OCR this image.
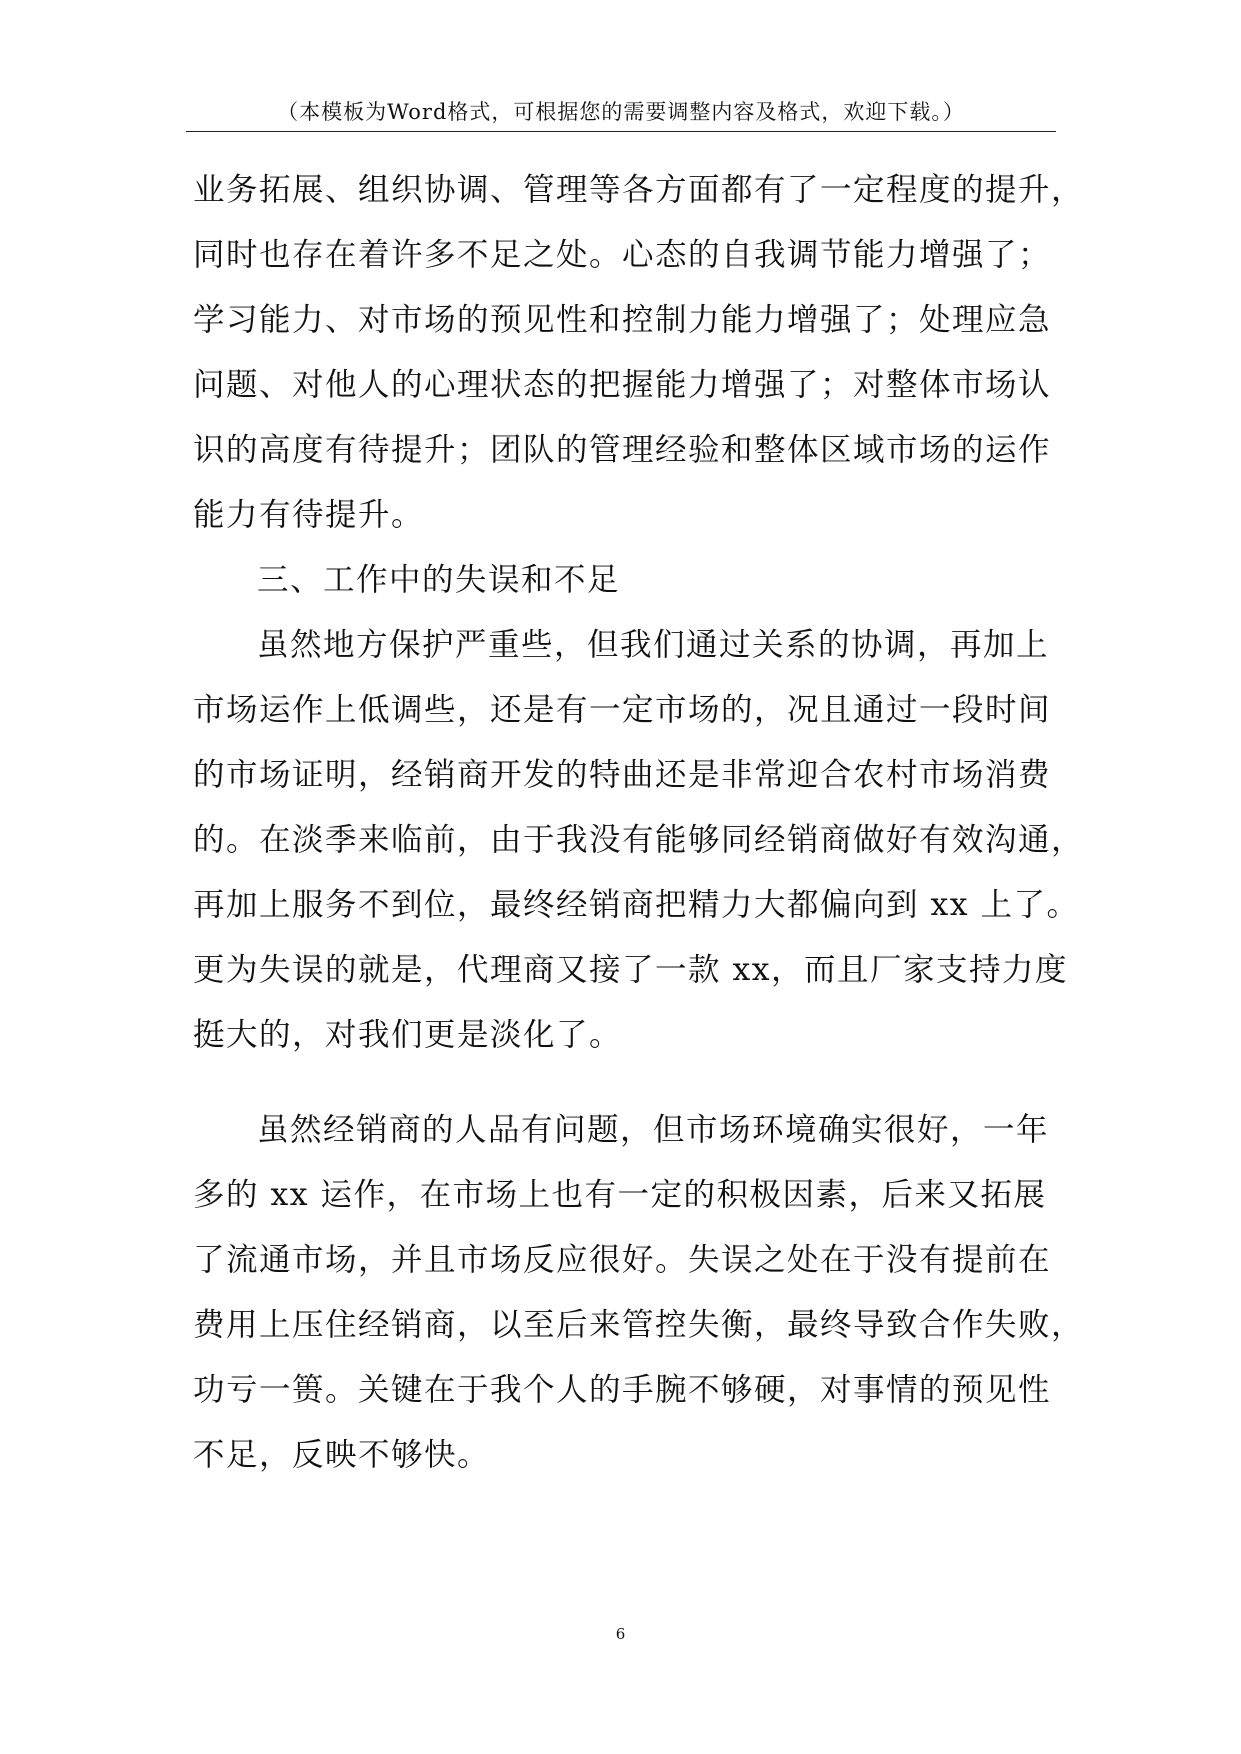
（本模板为Word格式，可根据您的需要调整内容及格式，欢迎下载。）
业务拓展、组织协调、管理等各方面都有了一定程度的提升，
同时也存在着许多不足之处。心态的自我调节能力增强了；
学习能力、对市场的预见性和控制力能力增强了；处理应急
问题、对他人的心理状态的把握能力增强了；对整体市场认
识的高度有待提升；团队的管理经验和整体区域市场的运作
能力有待提升。
三、工作中的失误和不足
虽然地方保护严重些，但我们通过关系的协调，再加上
市场运作上低调些，还是有一定市场的，况且通过一段时间
的市场证明，经销商开发的特曲还是非常迎合农村市场消费
的。在淡季来临前，由于我没有能够同经销商做好有效沟通，
再加上服务不到位，最终经销商把精力大都偏向到 xx 上了。
更为失误的就是，代理商又接了一款 xx，而且厂家支持力度
挺大的，对我们更是淡化了。
虽然经销商的人品有问题，但市场环境确实很好，一年
多的 xx 运作，在市场上也有一定的积极因素，后来又拓展
了流通市场，并且市场反应很好。失误之处在于没有提前在
费用上压住经销商，以至后来管控失衡，最终导致合作失败，
功亏一篑。关键在于我个人的手腕不够硬，对事情的预见性
不足，反映不够快。
6
